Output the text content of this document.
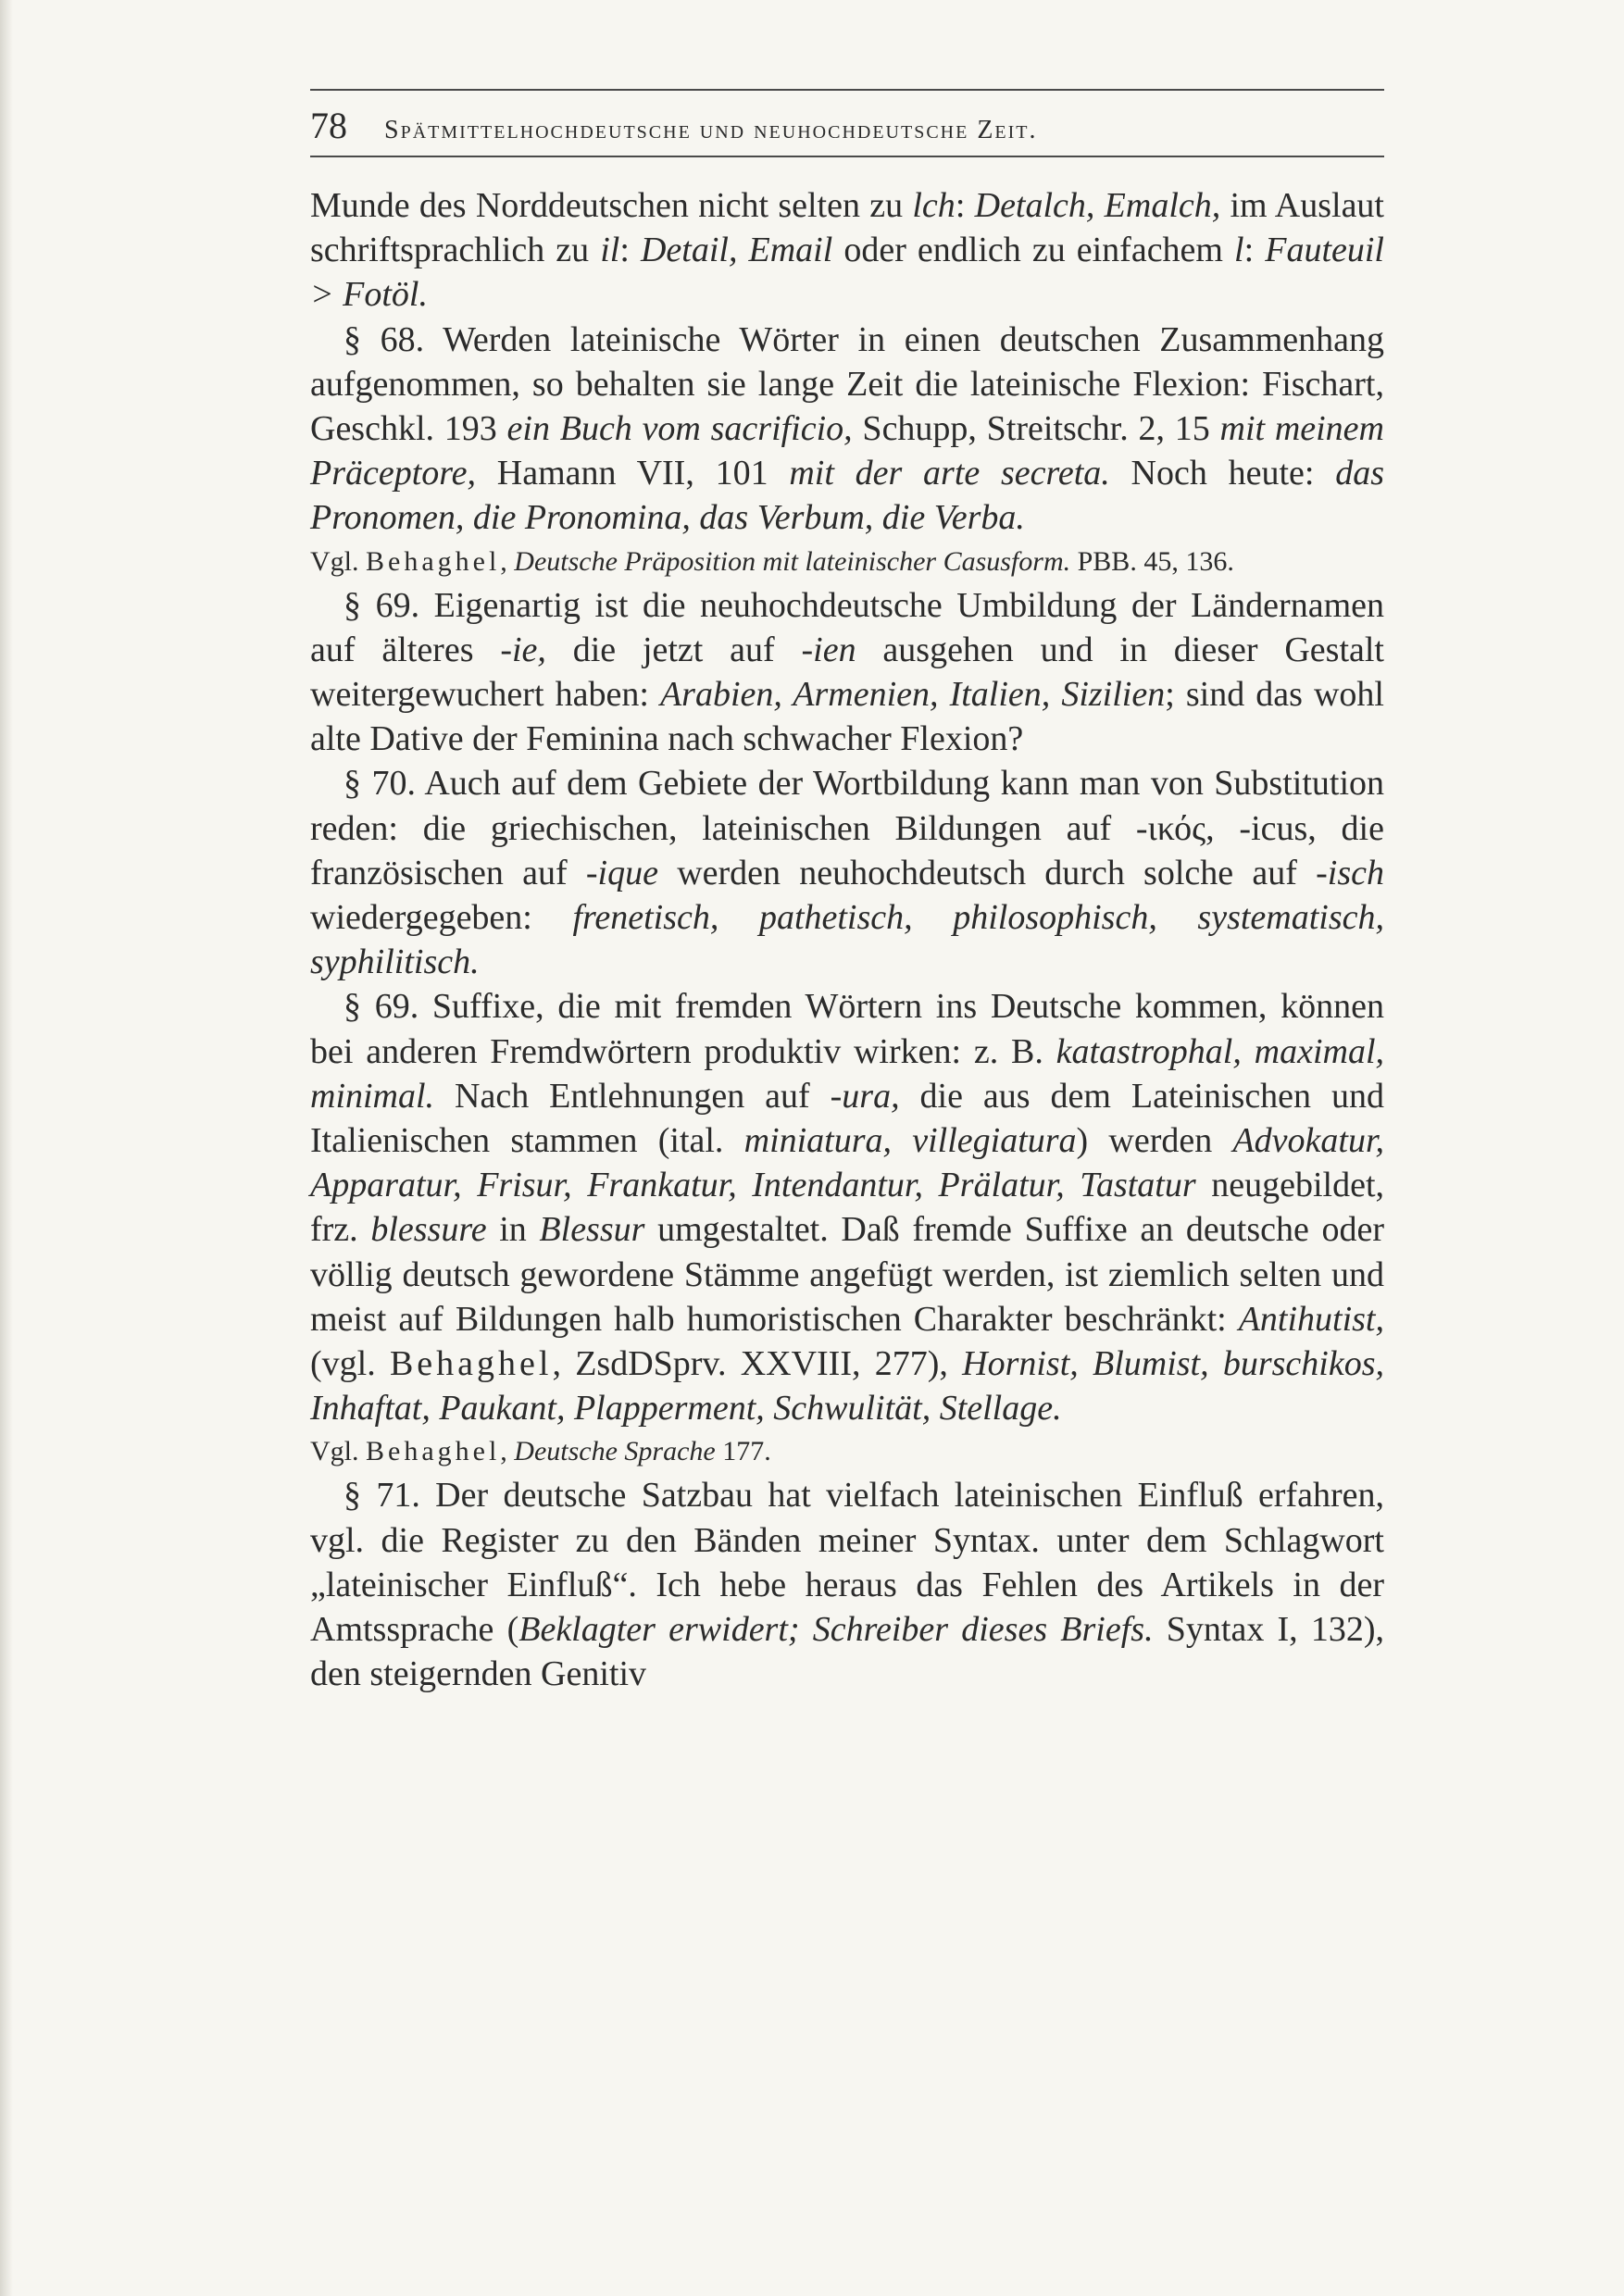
78 Spätmittelhochdeutsche und neuhochdeutsche Zeit.

Munde des Norddeutschen nicht selten zu lch: Detalch, Emalch, im Auslaut schriftsprachlich zu il: Detail, Email oder endlich zu einfachem l: Fauteuil > Fotöl.

§ 68. Werden lateinische Wörter in einen deutschen Zusammenhang aufgenommen, so behalten sie lange Zeit die lateinische Flexion: Fischart, Geschkl. 193 ein Buch vom sacrificio, Schupp, Streitschr. 2, 15 mit meinem Präceptore, Hamann VII, 101 mit der arte secreta. Noch heute: das Pronomen, die Pronomina, das Verbum, die Verba.

Vgl. Behaghel, Deutsche Präposition mit lateinischer Casusform. PBB. 45, 136.

§ 69. Eigenartig ist die neuhochdeutsche Umbildung der Ländernamen auf älteres -ie, die jetzt auf -ien ausgehen und in dieser Gestalt weitergewuchert haben: Arabien, Armenien, Italien, Sizilien; sind das wohl alte Dative der Feminina nach schwacher Flexion?

§ 70. Auch auf dem Gebiete der Wortbildung kann man von Substitution reden: die griechischen, lateinischen Bildungen auf -ικός, -icus, die französischen auf -ique werden neuhochdeutsch durch solche auf -isch wiedergegeben: frenetisch, pathetisch, philosophisch, systematisch, syphilitisch.

§ 69. Suffixe, die mit fremden Wörtern ins Deutsche kommen, können bei anderen Fremdwörtern produktiv wirken: z. B. katastrophal, maximal, minimal. Nach Entlehnungen auf -ura, die aus dem Lateinischen und Italienischen stammen (ital. miniatura, villegiatura) werden Advokatur, Apparatur, Frisur, Frankatur, Intendantur, Prälatur, Tastatur neugebildet, frz. blessure in Blessur umgestaltet. Daß fremde Suffixe an deutsche oder völlig deutsch gewordene Stämme angefügt werden, ist ziemlich selten und meist auf Bildungen halb humoristischen Charakter beschränkt: Antihutist, (vgl. Behaghel, ZsdDSprv. XXVIII, 277), Hornist, Blumist, burschikos, Inhaftat, Paukant, Plapperment, Schwulität, Stellage.

Vgl. Behaghel, Deutsche Sprache 177.

§ 71. Der deutsche Satzbau hat vielfach lateinischen Einfluß erfahren, vgl. die Register zu den Bänden meiner Syntax. unter dem Schlagwort „lateinischer Einfluß“. Ich hebe heraus das Fehlen des Artikels in der Amtssprache (Beklagter erwidert; Schreiber dieses Briefs. Syntax I, 132), den steigernden Genitiv
